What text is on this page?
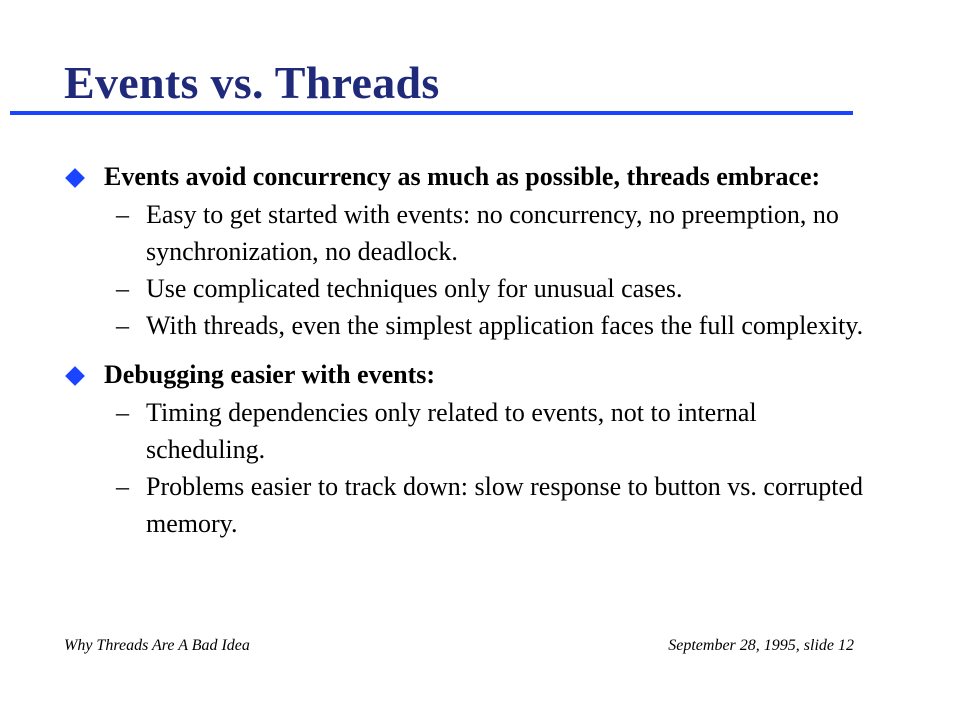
Events vs. Threads
Events avoid concurrency as much as possible, threads embrace:
– Easy to get started with events: no concurrency, no preemption, no synchronization, no deadlock.
– Use complicated techniques only for unusual cases.
– With threads, even the simplest application faces the full complexity.
Debugging easier with events:
– Timing dependencies only related to events, not to internal scheduling.
– Problems easier to track down: slow response to button vs. corrupted memory.
Why Threads Are A Bad Idea	September 28, 1995, slide 12
